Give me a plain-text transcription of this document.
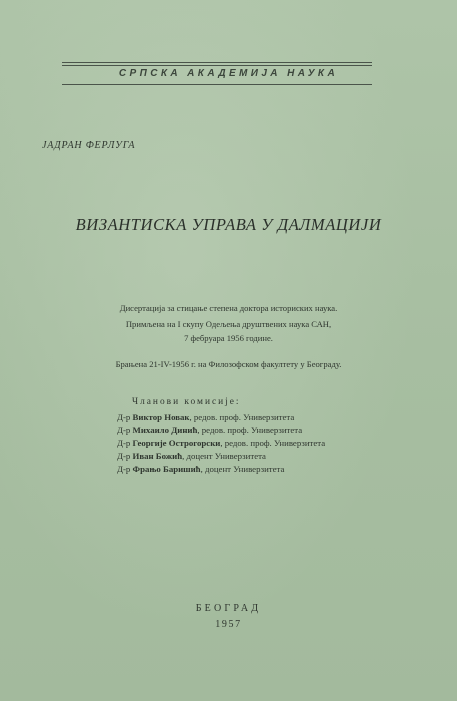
СРПСКА АКАДЕМИЈА НАУКА
ЈАДРАН ФЕРЛУГА
ВИЗАНТИСКА УПРАВА У ДАЛМАЦИЈИ
Дисертација за стицање степена доктора историских наука.
Примљена на I скупу Одељења друштвених наука САН,
7 фебруара 1956 године.
Брањена 21-IV-1956 г. на Филозофском факултету у Београду.
Чланови комисије:
Д-р Виктор Новак, редов. проф. Универзитета
Д-р Михаило Динић, редов. проф. Универзитета
Д-р Георгије Острогорски, редов. проф. Универзитета
Д-р Иван Божић, доцент Универзитета
Д-р Фрањо Баришић, доцент Универзитета
БЕОГРАД
1957
